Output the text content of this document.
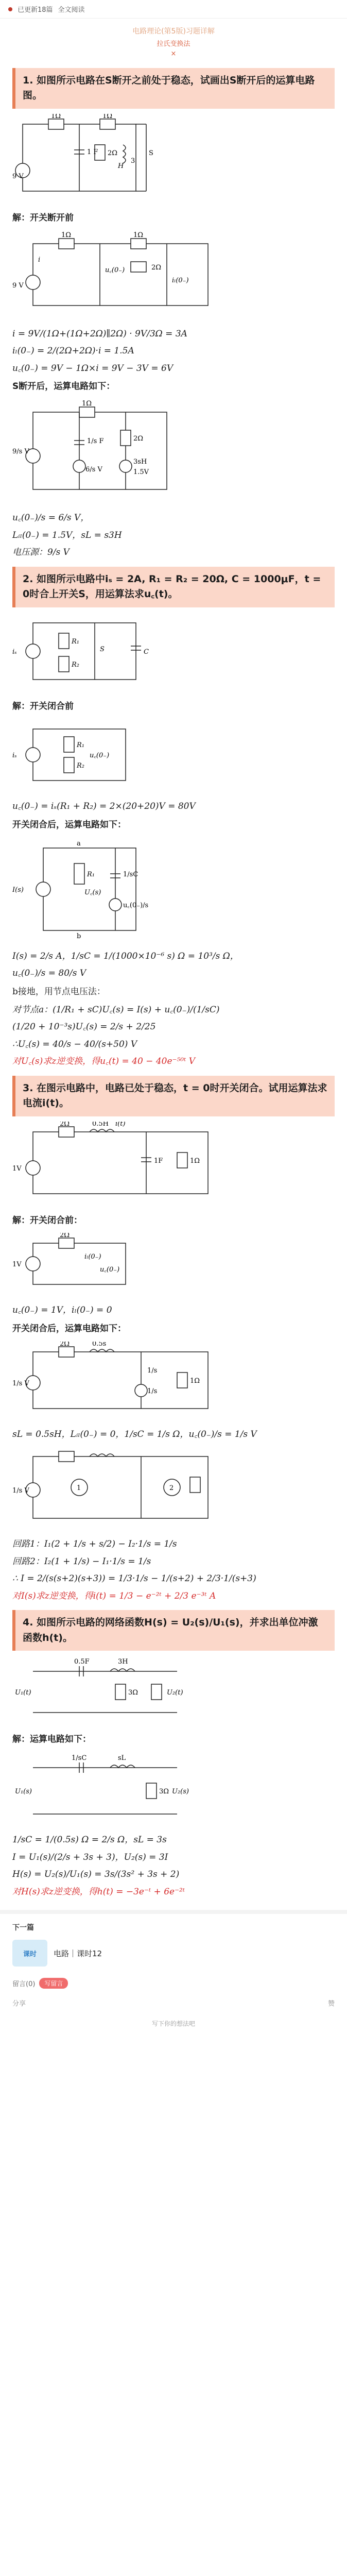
已更新18篇 全文阅读
电路理论(第5版)习题详解
拉氏变换法
×
1. 如图所示电路在S断开之前处于稳态，试画出S断开后的运算电路图。
1Ω	1Ω
1 F 2Ω
3
H
9 V
S
解：开关断开前
1Ω	1Ω
2Ω
u꜀(0₋)
i
9 V
iₗ(0₋)
i = 9V/(1Ω+(1Ω+2Ω)∥2Ω) · 9V/3Ω = 3A
iₗ(0₋) = 2/(2Ω+2Ω)·i = 1.5A
u꜀(0₋) = 9V − 1Ω×i = 9V − 3V = 6V
S断开后，运算电路如下：
1Ω
1/s F	2Ω
3sH
1.5V
9/s V
6/s V
u꜀(0₋)/s = 6/s V，
Lᵢₗ(0₋) = 1.5V，sL = s3H
电压源：9/s V
2. 如图所示电路中iₛ = 2A, R₁ = R₂ = 20Ω, C = 1000μF，t = 0时合上开关S，用运算法求u꜀(t)。
R₁
R₂
iₛ	S	C
解：开关闭合前
R₁
R₂
u꜀(0₋)
iₛ
u꜀(0₋) = iₛ(R₁ + R₂) = 2×(20+20)V = 80V
开关闭合后，运算电路如下：
a
b
R₁	1/sC
I(s)	U꜀(s)
u꜀(0₋)/s
I(s) = 2/s A，1/sC = 1/(1000×10⁻⁶ s) Ω = 10³/s Ω，
u꜀(0₋)/s = 80/s V
b接地，用节点电压法：
对节点a：(1/R₁ + sC)U꜀(s) = I(s) + u꜀(0₋)/(1/sC)
(1/20 + 10⁻³s)U꜀(s) = 2/s + 2/25
∴U꜀(s) = 40/s − 40/(s+50) V
对U꜀(s)求z逆变换，得u꜀(t) = 40 − 40e⁻⁵⁰ᵗ V
3. 在图示电路中，电路已处于稳态，t = 0时开关闭合。试用运算法求电流i(t)。
2Ω	0.5H i(t)
1V
1F	1Ω
解：开关闭合前：
2Ω
iₗ(0₋)
u꜀(0₋)
1V
u꜀(0₋) = 1V，iₗ(0₋) = 0
开关闭合后，运算电路如下：
2Ω	0.5s
1/s V
1/s
1/s
1Ω
sL = 0.5sH，Lᵢₗ(0₋) = 0，1/sC = 1/s Ω，u꜀(0₋)/s = 1/s V
1	2
1/s V
回路1：I₁(2 + 1/s + s/2) − I₂·1/s = 1/s
回路2：I₂(1 + 1/s) − I₁·1/s = 1/s
∴ I = 2/(s(s+2)(s+3)) = 1/3·1/s − 1/(s+2) + 2/3·1/(s+3)
对I(s)求z逆变换，得i(t) = 1/3 − e⁻²ᵗ + 2/3 e⁻³ᵗ A
4. 如图所示电路的网络函数H(s) = U₂(s)/U₁(s)，并求出单位冲激函数h(t)。
0.5F	3H
3Ω
U₁(t)	U₂(t)
解：运算电路如下：
1/sC	sL
3Ω
U₁(s)	U₂(s)
1/sC = 1/(0.5s) Ω = 2/s Ω，sL = 3s
I = U₁(s)/(2/s + 3s + 3)，U₂(s) = 3I
H(s) = U₂(s)/U₁(s) = 3s/(3s² + 3s + 2)
对H(s)求z逆变换，得h(t) = −3e⁻ᵗ + 6e⁻²ᵗ
下一篇
课时	电路｜课时12
留言(0)	写留言
分享	赞
写下你的想法吧
